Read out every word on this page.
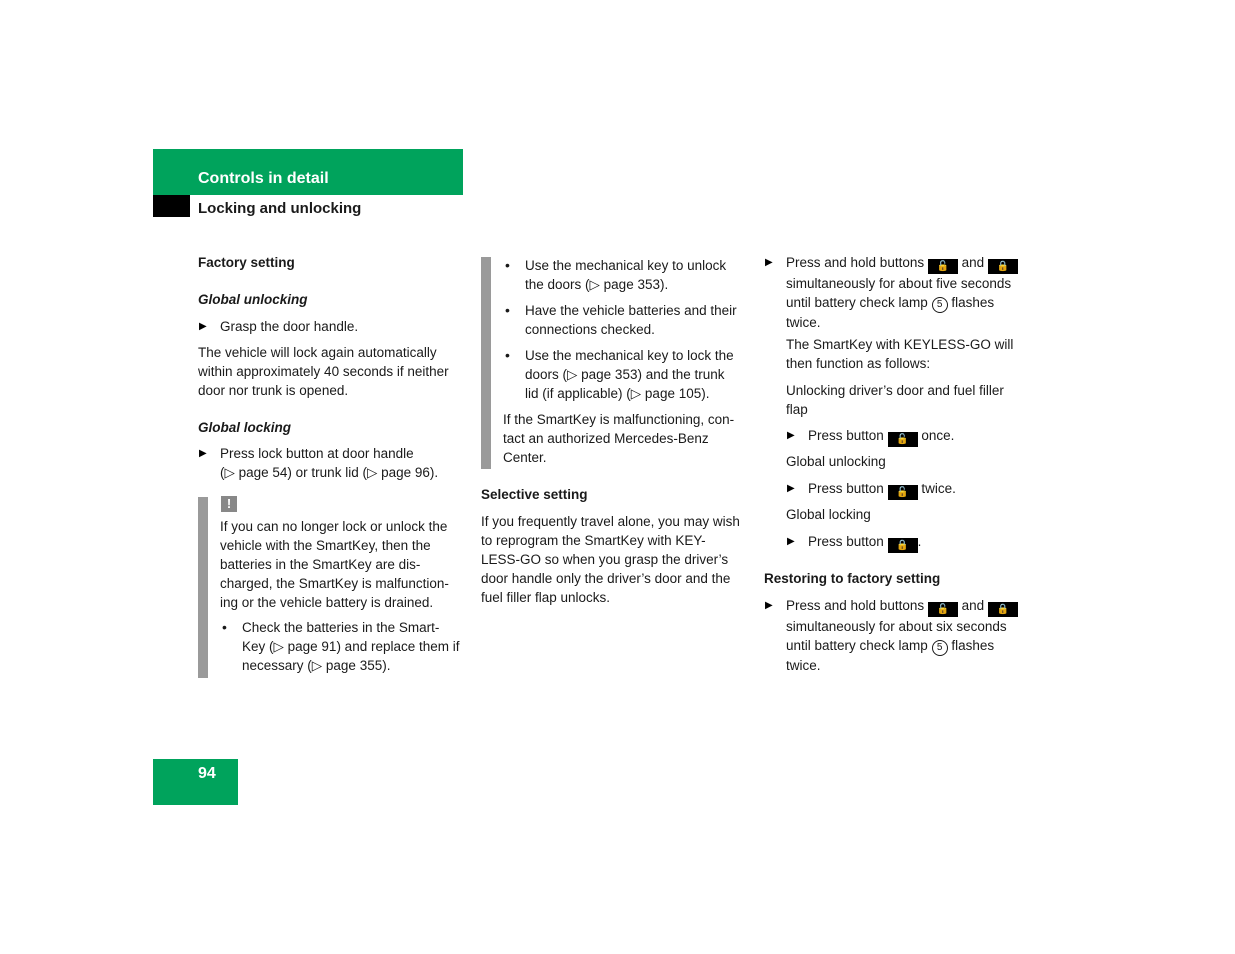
Controls in detail
Locking and unlocking
Factory setting
Global unlocking
▶ Grasp the door handle.
The vehicle will lock again automatically
within approximately 40 seconds if neither
door nor trunk is opened.
Global locking
▶ Press lock button at door handle
(▷ page 54) or trunk lid (▷ page 96).
!
If you can no longer lock or unlock the
vehicle with the SmartKey, then the
batteries in the SmartKey are dis-
charged, the SmartKey is malfunction-
ing or the vehicle battery is drained.
• Check the batteries in the Smart-
Key (▷ page 91) and replace them if
necessary (▷ page 355).
• Use the mechanical key to unlock
the doors (▷ page 353).
• Have the vehicle batteries and their
connections checked.
• Use the mechanical key to lock the
doors (▷ page 353) and the trunk
lid (if applicable) (▷ page 105).
If the SmartKey is malfunctioning, con-
tact an authorized Mercedes-Benz
Center.
Selective setting
If you frequently travel alone, you may wish
to reprogram the SmartKey with KEY-
LESS-GO so when you grasp the driver’s
door handle only the driver’s door and the
fuel filler flap unlocks.
▶ Press and hold buttons 🔓 and 🔒
simultaneously for about five seconds
until battery check lamp 5 flashes
twice.
The SmartKey with KEYLESS-GO will
then function as follows:
Unlocking driver’s door and fuel filler
flap
▶ Press button 🔓 once.
Global unlocking
▶ Press button 🔓 twice.
Global locking
▶ Press button 🔒 .
Restoring to factory setting
▶ Press and hold buttons 🔓 and 🔒
simultaneously for about six seconds
until battery check lamp 5 flashes
twice.
94
